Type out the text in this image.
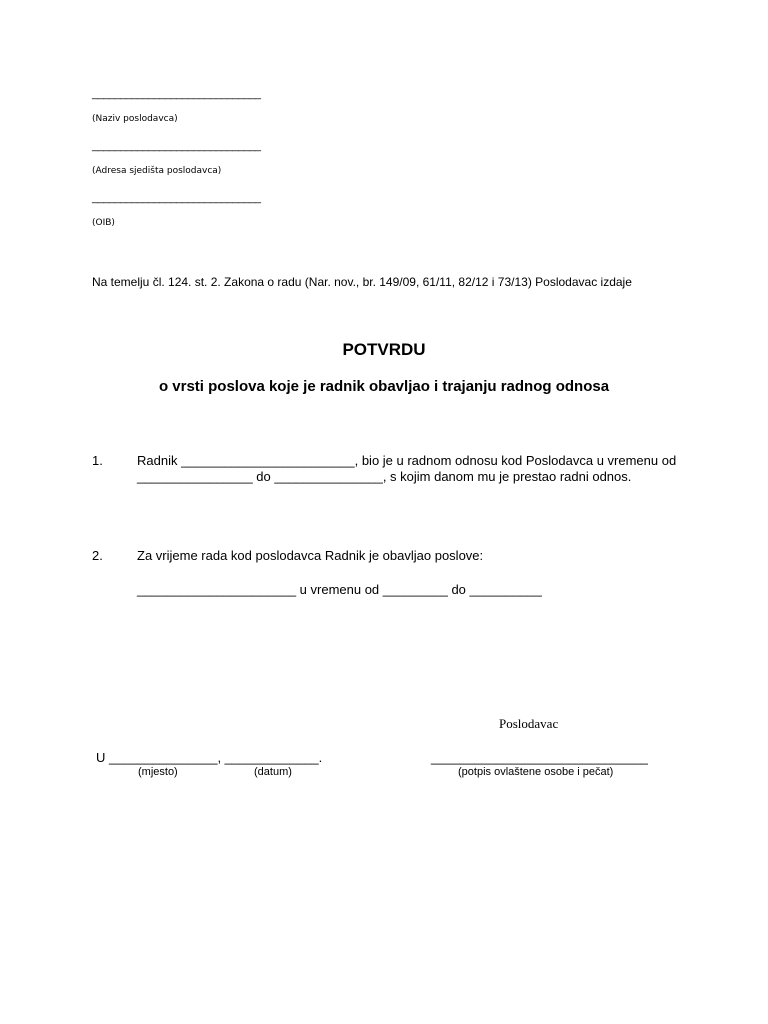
______________________________
(Naziv poslodavca)
______________________________
(Adresa sjedišta poslodavca)
______________________________
(OIB)
Na temelju čl. 124. st. 2. Zakona o radu (Nar. nov., br. 149/09, 61/11, 82/12 i 73/13) Poslodavac izdaje
POTVRDU
o vrsti poslova koje je radnik obavljao i trajanju radnog odnosa
1.	Radnik ________________________, bio je u radnom odnosu kod Poslodavca u vremenu od ________________ do _______________, s kojim danom mu je prestao radni odnos.
2.	Za vrijeme rada kod poslodavca Radnik je obavljao poslove:
______________________ u vremenu od _________ do __________
Poslodavac
U _______________, _____________.	______________________________
(mjesto)	(datum)	(potpis ovlaštene osobe i pečat)
